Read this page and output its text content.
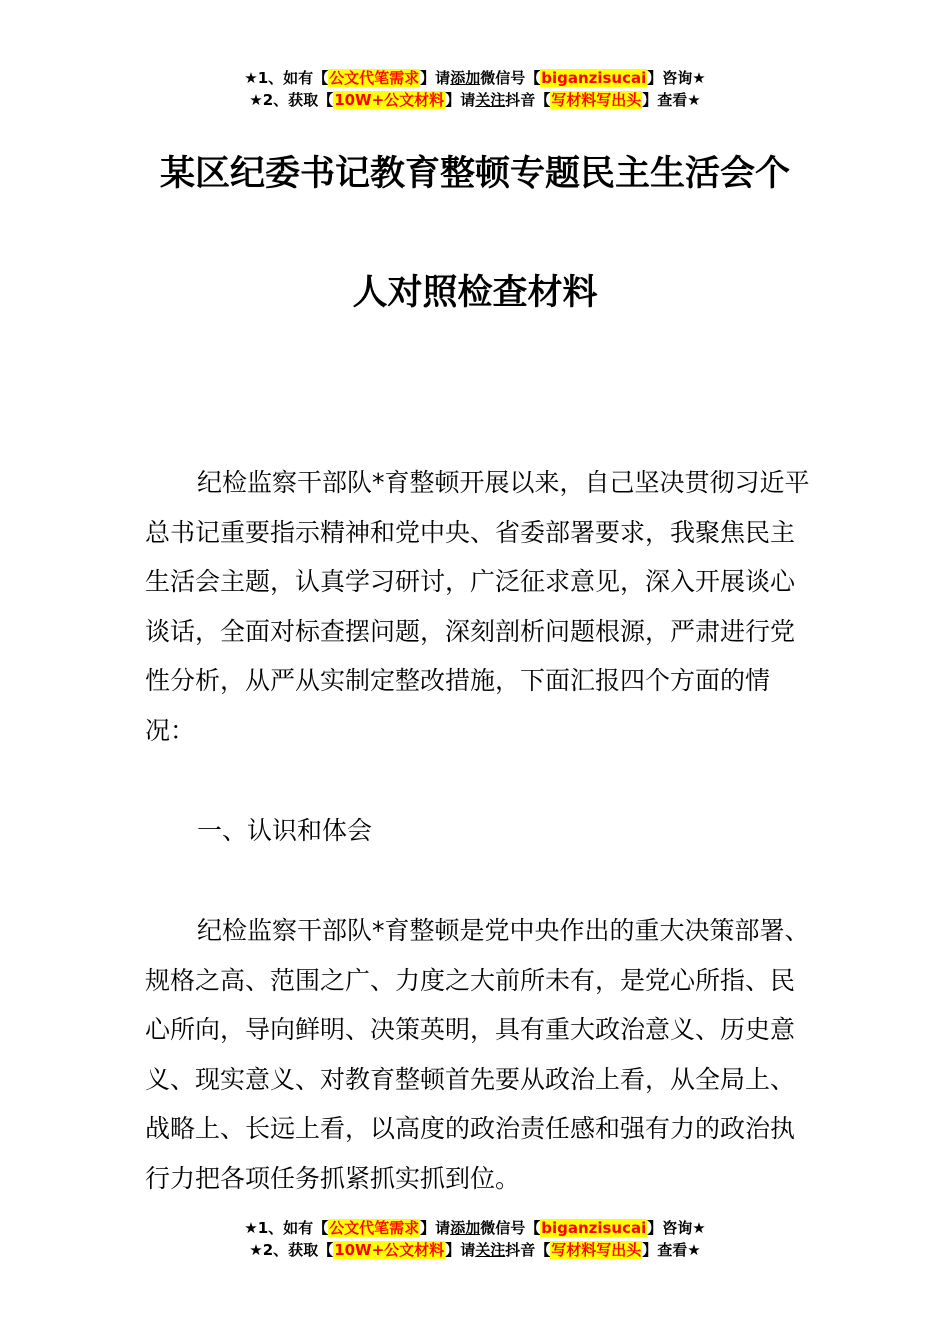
★1、如有【公文代笔需求】请添加微信号【biganzisucai】咨询★
★2、获取【10W+公文材料】请关注抖音【写材料写出头】查看★
某区纪委书记教育整顿专题民主生活会个
人对照检查材料
纪检监察干部队*育整顿开展以来，自己坚决贯彻习近平总书记重要指示精神和党中央、省委部署要求，我聚焦民主生活会主题，认真学习研讨，广泛征求意见，深入开展谈心谈话，全面对标查摆问题，深刻剖析问题根源，严肃进行党性分析，从严从实制定整改措施，下面汇报四个方面的情况：
一、认识和体会
纪检监察干部队*育整顿是党中央作出的重大决策部署、规格之高、范围之广、力度之大前所未有，是党心所指、民心所向，导向鲜明、决策英明，具有重大政治意义、历史意义、现实意义、对教育整顿首先要从政治上看，从全局上、战略上、长远上看，以高度的政治责任感和强有力的政治执行力把各项任务抓紧抓实抓到位。
★1、如有【公文代笔需求】请添加微信号【biganzisucai】咨询★
★2、获取【10W+公文材料】请关注抖音【写材料写出头】查看★
